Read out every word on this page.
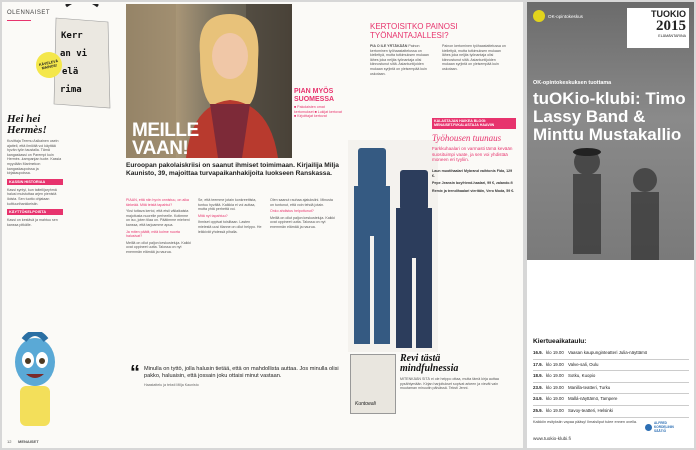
OLENNAISET
Kerr
an vi
elä
rima
KÄVELEVÄ MAINOS!
Hei hei Hermès!

Kuvittaja Teemu Asikainen usein ajatteli, että ilmiöitä voi käyttää hyvän työn taustalla. Tämä kangaskassi on Parempi kuin Hermès -kampanjan tuote. Kassia myydään Marimekon kangaskaupoissa ja kirjakaupoissa.

KASSIN HISTORIAA

Kassi syntyi, kun taiteilijaryhmä halusi muistuttaa arjen pienistä iloista. Sen tuotto ohjataan kulttuurihankkeisiin.

KÄYTTÖKELPOISTA

Kassi on kestävä ja mahtuu sen kanssa pitkälle.

MEILLE VAAN!
PIAN MYÖS SUOMESSA

■ Pakolaisten omat kertomukset ■ Lukijat kertovat ■ Kirjoittajat kertovat

Euroopan pakolaiskriisi on saanut ihmiset toimimaan. Kirjailija Milja Kaunisto, 39, majoittaa turvapaikanhakijoita luokseen Ranskassa.

PIAAN, että niin hyvin onnistuu, on aika tärkeää. Mitä teistä tapahtui?

Yksi tuttava kertoi, että etsii väliaikaista majoitusta nuorelle perheelle. Kotimme on iso, joten tilaa on. Päätimme mieheni kanssa, että tarjoamme apua.

Ja miten päätit, mitä kolme nuorta halusivat?

Meillä on ollut paljon keskusteluja. Kaikki ovat oppineet uutta. Talossa on nyt enemmän elämää ja naurua.

Se, että teemme jotain konkreettista, tuntuu hyvältä. Kaikkia ei voi auttaa, mutta yhtä perhettä voi.

Mitä nyt tapahtuu?

Ihmiset oppivat toisiltaan. Lasten mielestä uusi tilanne on ollut helppo. He leikkivät yhdessä pihalla.

Olen saanut rauhaa ajatuksiini. Minusta on tuntunut, että voin tehdä jotain.

Onko ahdistus helpottunut?

Meillä on ollut paljon keskusteluja. Kaikki ovat oppineet uutta. Talossa on nyt enemmän elämää ja naurua.

“ Minulla on tyttö, jolla halusin tietää, että on mahdollista auttaa. Jos minulla olisi pakko, haluaisin, että jossain joku ottaisi minut vastaan.

Haastattelu ja teksti Milja Kaunisto

12 MENAISET
KERTOISITKO PAINOSI TYÖNANTAJALLESI?

PIA O ILE YRTÄKÄÄN Painon kertominen työhaastattelussa on kiellettyä, mutta tutkimuksen mukaan lähes joka neljäs työnantaja olisi kiinnostunut siitä. Asiantuntijoiden mukaan syrjintä on yleisempää kuin uskotaan.

Painon kertominen työhaastattelussa on kiellettyä, mutta tutkimuksen mukaan lähes joka neljäs työnantaja olisi kiinnostunut siitä. Asiantuntijoiden mukaan syrjintä on yleisempää kuin uskotaan.

KALASTAJAN HAIKEA BLOGI: MENAISET.FI/KALASTAJA HAAVIIN
Työhousen tuunaus

Farkkuhaalari on varmasti tämä kevään suosituimpi vaate, ja sen voi yhdistää moneen eri tyyliin.

Laun muotihaalari Mybrand vaihtonis Fida, 129 €.

Pepe Jeansin boyfriend-haalari, 99 €, zalando.fi

Remix ja trendihaalari vieritäin, Vero Moda, 59 €.

Revi tästä mindfulnessia
Kuntoeali

MITENKÄÄN SITÄ ei ole helppo ottaa, mutta tämä kirja auttaa pysähtymään. Kirjan harjoitukset sopivat arkeen ja vievät vain muutaman minuutin päivässä. Teksti Jenni.

OK-opintokeskus	TUOKIO
2015
ELÄMÄNTARINA
OK-opintokeskuksen tuottama
tuOKio-klubi: Timo Lassy Band & Minttu Mustakallio
Kiertueaikataulu:
16.9. klo 19.00 Vaasan kaupunginteatteri Julia-näyttämö
17.9. klo 19.00 Valve-sali, Oulu
18.9. klo 19.00 Sotku, Kuopio
23.9. klo 19.00 Manilla-teatteri, Turku
24.9. klo 19.00 Mallá-näyttämö, Tampere
25.9. klo 19.00 Savoy-teatteri, Helsinki

Kaikkiin esityksiin vapaa pääsy! Ilmaisliput tulee ennen ovella.

www.tuokio-klubi.fi
ALFRED KORDELININ SÄÄTIÖ
